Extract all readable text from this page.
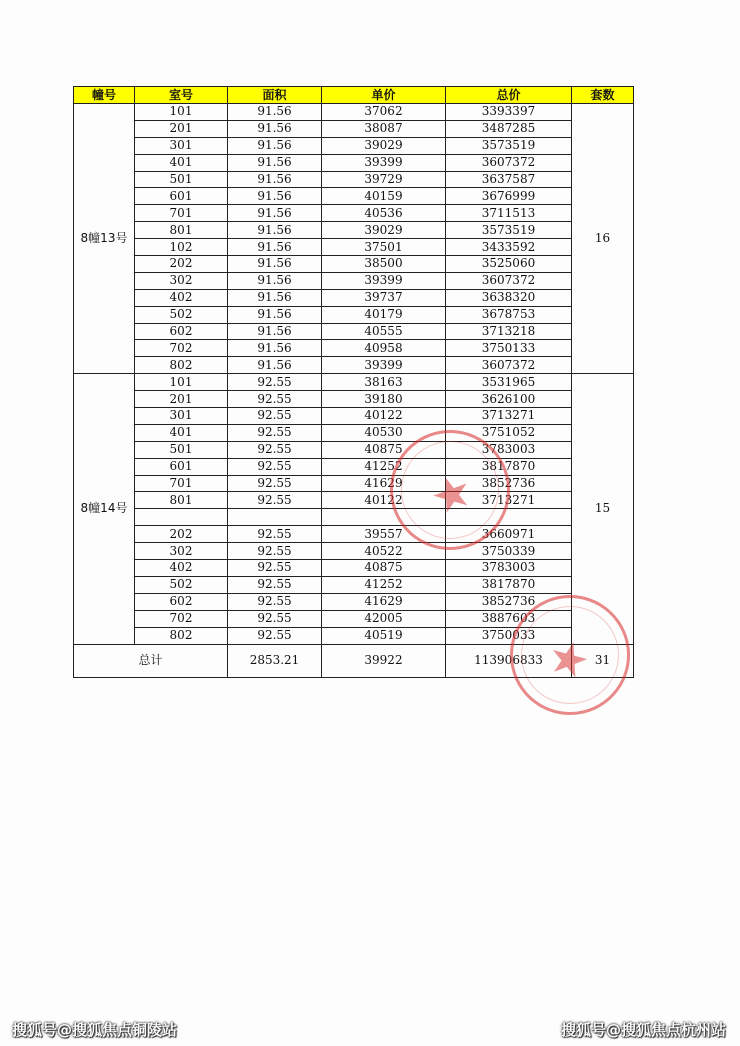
幢号	室号	面积	单价	总价	套数
8幢13号	101	91.56	37062	3393397	16
	201	91.56	38087	3487285	
	301	91.56	39029	3573519	
	401	91.56	39399	3607372	
	501	91.56	39729	3637587	
	601	91.56	40159	3676999	
	701	91.56	40536	3711513	
	801	91.56	39029	3573519	
	102	91.56	37501	3433592	
	202	91.56	38500	3525060	
	302	91.56	39399	3607372	
	402	91.56	39737	3638320	
	502	91.56	40179	3678753	
	602	91.56	40555	3713218	
	702	91.56	40958	3750133	
	802	91.56	39399	3607372	
8幢14号	101	92.55	38163	3531965	15
	201	92.55	39180	3626100	
	301	92.55	40122	3713271	
	401	92.55	40530	3751052	
	501	92.55	40875	3783003	
	601	92.55	41252	3817870	
	701	92.55	41629	3852736	
	801	92.55	40122	3713271	

	202	92.55	39557	3660971	
	302	92.55	40522	3750339	
	402	92.55	40875	3783003	
	502	92.55	41252	3817870	
	602	92.55	41629	3852736	
	702	92.55	42005	3887603	
	802	92.55	40519	3750033	
总计		2853.21	39922	113906833	31
★
★
搜狐号@搜狐焦点铜陵站	搜狐号@搜狐焦点杭州站
